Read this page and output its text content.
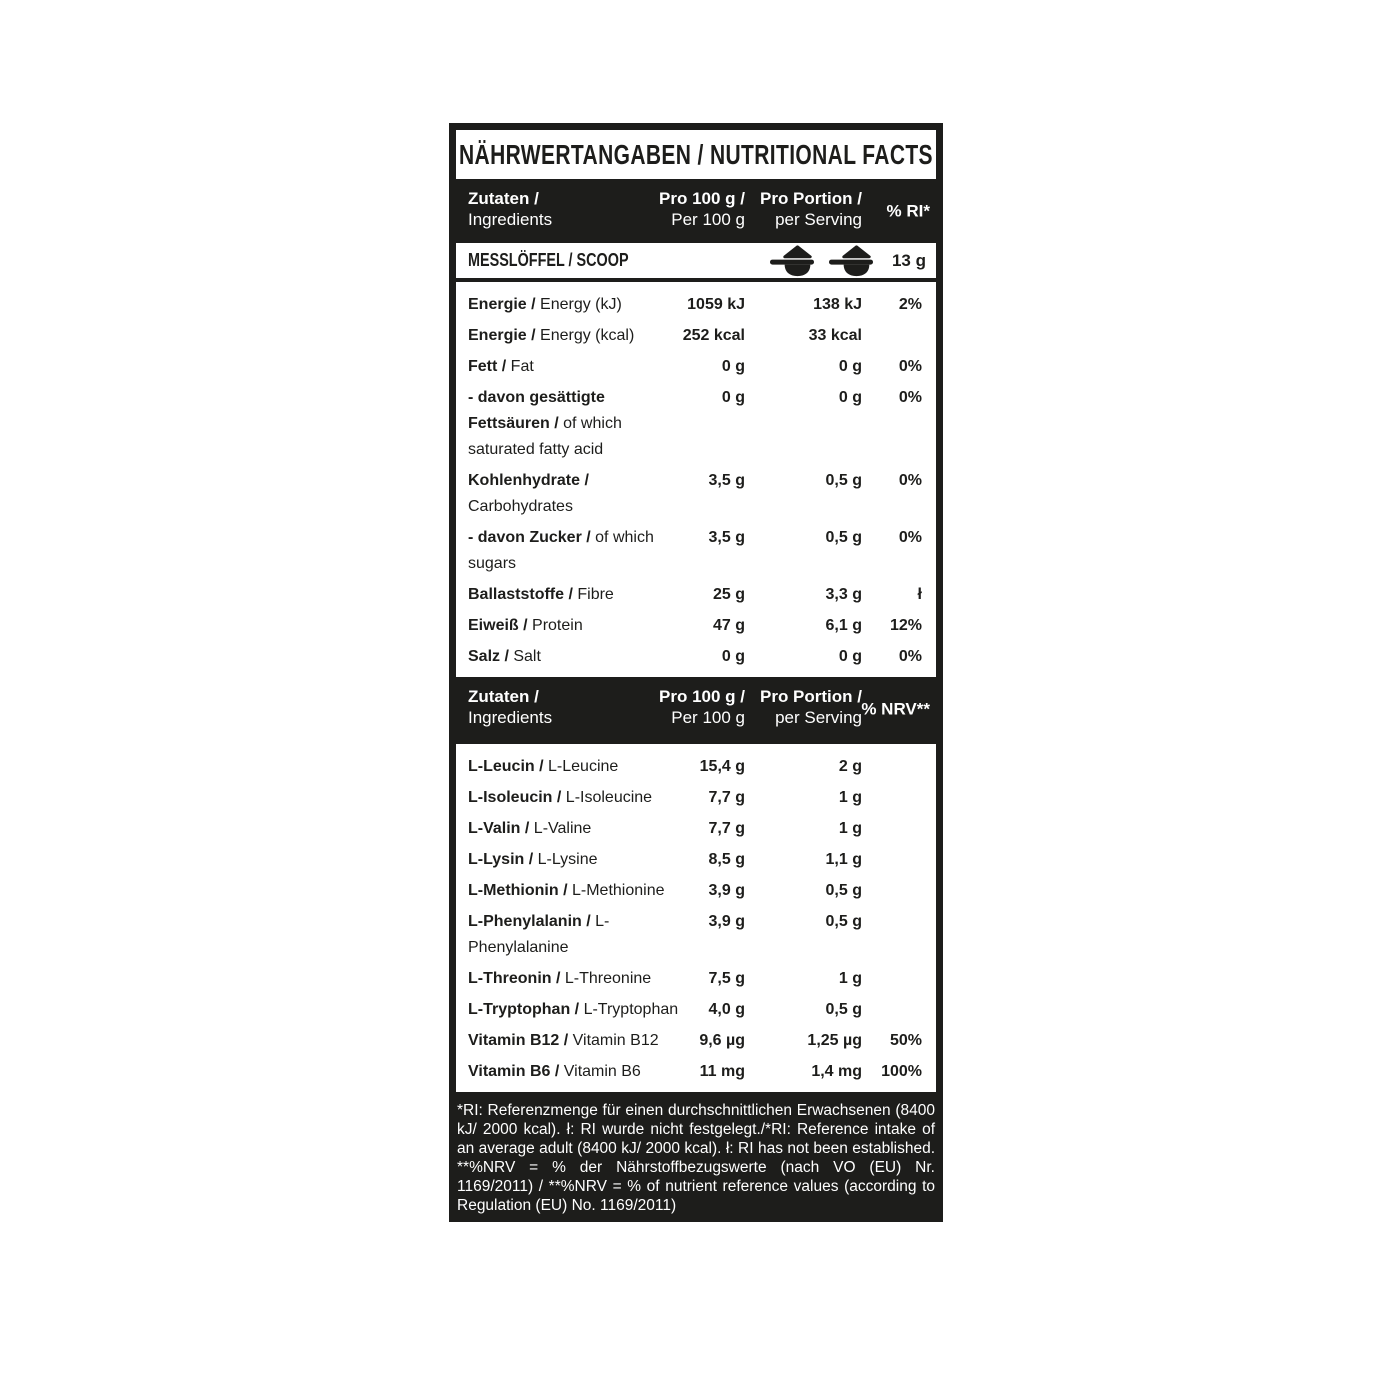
NÄHRWERTANGABEN / NUTRITIONAL FACTS
Zutaten /
Ingredients
Pro 100 g /
Per 100 g
Pro Portion /
per Serving % RI*
MESSLÖFFEL / SCOOP	13 g
Energie / Energy (kJ)	1059 kJ	138 kJ 2%
Energie / Energy (kcal)	252 kcal	33 kcal
Fett / Fat	0 g	0 g 0%
- davon gesättigte Fettsäuren / of which saturated fatty acid
0 g	0 g 0%
Kohlenhydrate / Carbohydrates
3,5 g	0,5 g 0%
- davon Zucker / of which sugars
3,5 g	0,5 g 0%
Ballaststoffe / Fibre	25 g	3,3 g	ł
Eiweiß / Protein	47 g	6,1 g 12%
Salz / Salt	0 g	0 g 0%
Zutaten /
Ingredients
Pro 100 g /
Per 100 g
Pro Portion /
per Serving % NRV**
L-Leucin / L-Leucine	15,4 g	2 g
L-Isoleucin / L-Isoleucine	7,7 g	1 g
L-Valin / L-Valine	7,7 g	1 g
L-Lysin / L-Lysine	8,5 g	1,1 g
L-Methionin / L-Methionine	3,9 g	0,5 g
L-Phenylalanin / L-Phenylalanine
3,9 g	0,5 g
L-Threonin / L-Threonine	7,5 g	1 g
L-Tryptophan / L-Tryptophan 4,0 g	0,5 g
Vitamin B12 / Vitamin B12	9,6 µg	1,25 µg 50%
Vitamin B6 / Vitamin B6	11 mg	1,4 mg 100%
*RI: Referenzmenge für einen durchschnittlichen Erwachsenen (8400 kJ/ 2000 kcal). ł: RI wurde nicht festgelegt./*RI: Reference intake of an average adult (8400 kJ/ 2000 kcal). ł: RI has not been established. **%NRV = % der Nährstoffbezugswerte (nach VO (EU) Nr. 1169/2011) / **%NRV = % of nutrient reference values (according to Regulation (EU) No. 1169/2011)
